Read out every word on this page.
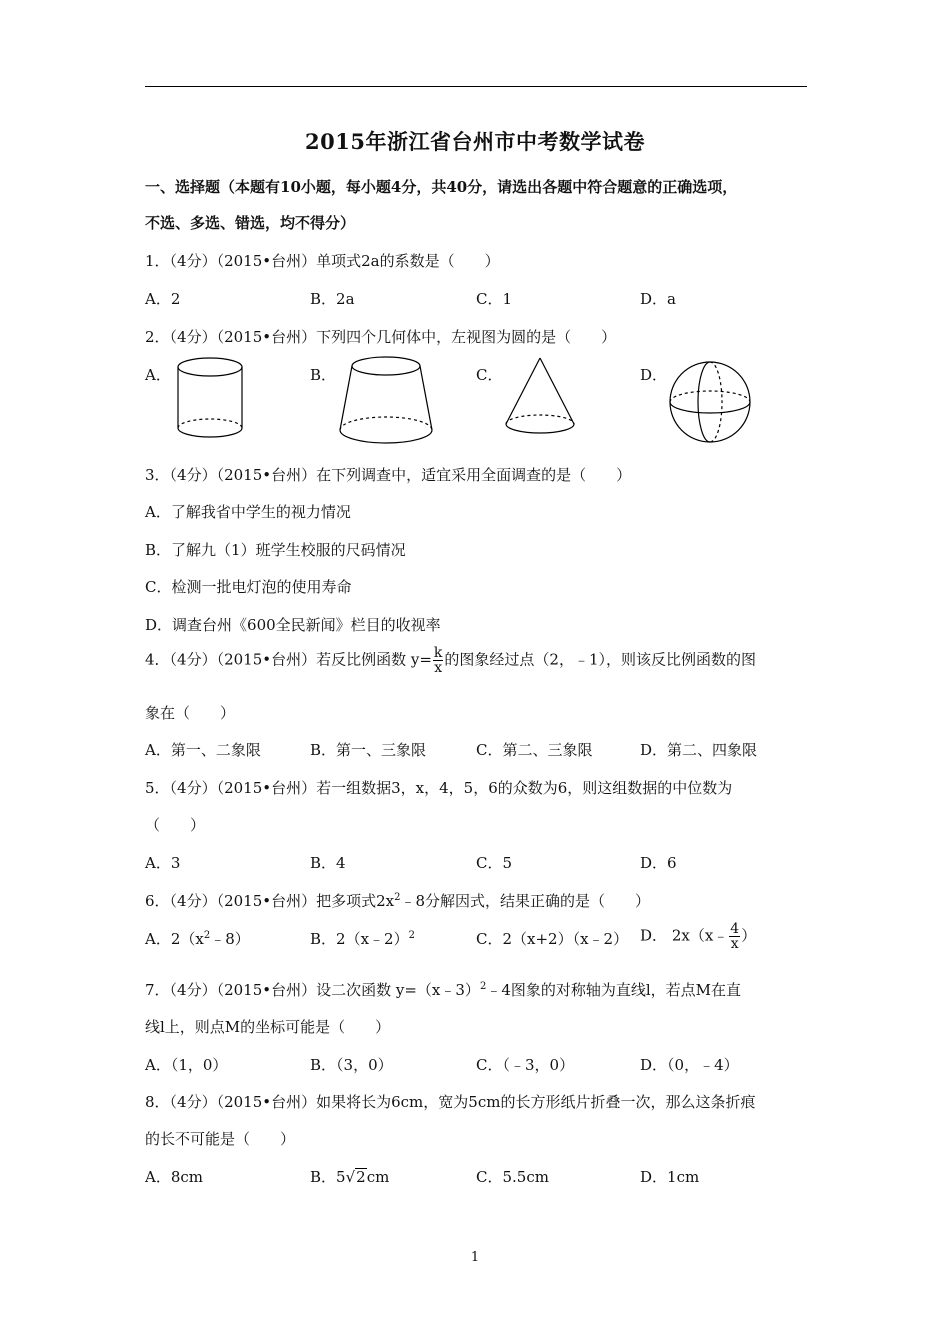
2015年浙江省台州市中考数学试卷
一、选择题（本题有10小题，每小题4分，共40分，请选出各题中符合题意的正确选项，
不选、多选、错选，均不得分）
1．（4分）（2015•台州）单项式2a的系数是（　　）
A．2	B．2a	C．1	D．a
2．（4分）（2015•台州）下列四个几何体中，左视图为圆的是（　　）
A．	B．	C．	D．
3．（4分）（2015•台州）在下列调查中，适宜采用全面调查的是（　　）
A．了解我省中学生的视力情况
B．了解九（1）班学生校服的尺码情况
C．检测一批电灯泡的使用寿命
D．调查台州《600全民新闻》栏目的收视率
4．（4分）（2015•台州）若反比例函数 $y= \frac{k}{x}$ 的图象经过点（2，﹣1），则该反比例函数的图
象在（　　）
A．第一、二象限	B．第一、三象限	C．第二、三象限	D．第二、四象限
5．（4分）（2015•台州）若一组数据3，x，4，5，6的众数为6，则这组数据的中位数为
（　　）
A．3	B．4	C．5	D．6
6．（4分）（2015•台州）把多项式$2x^2﹣8$分解因式，结果正确的是（　　）
A．$2(x^2﹣8)$	B．2（x﹣2）$^2$	C．2（x+2）（x﹣2） D． 2x（x﹣ $\frac{4}{x}$ ）
7．（4分）（2015•台州）设二次函数 y=（x﹣3）$^2$﹣4图象的对称轴为直线l，若点M在直
线l上，则点M的坐标可能是（　　）
A．（1，0）	B．（3，0）	C．（﹣3，0）	D．（0，﹣4）
8．（4分）（2015•台州）如果将长为6cm，宽为5cm的长方形纸片折叠一次，那么这条折痕
的长不可能是（　　）
A．8cm	B．5√2cm	C．5.5cm	D．1cm
1
